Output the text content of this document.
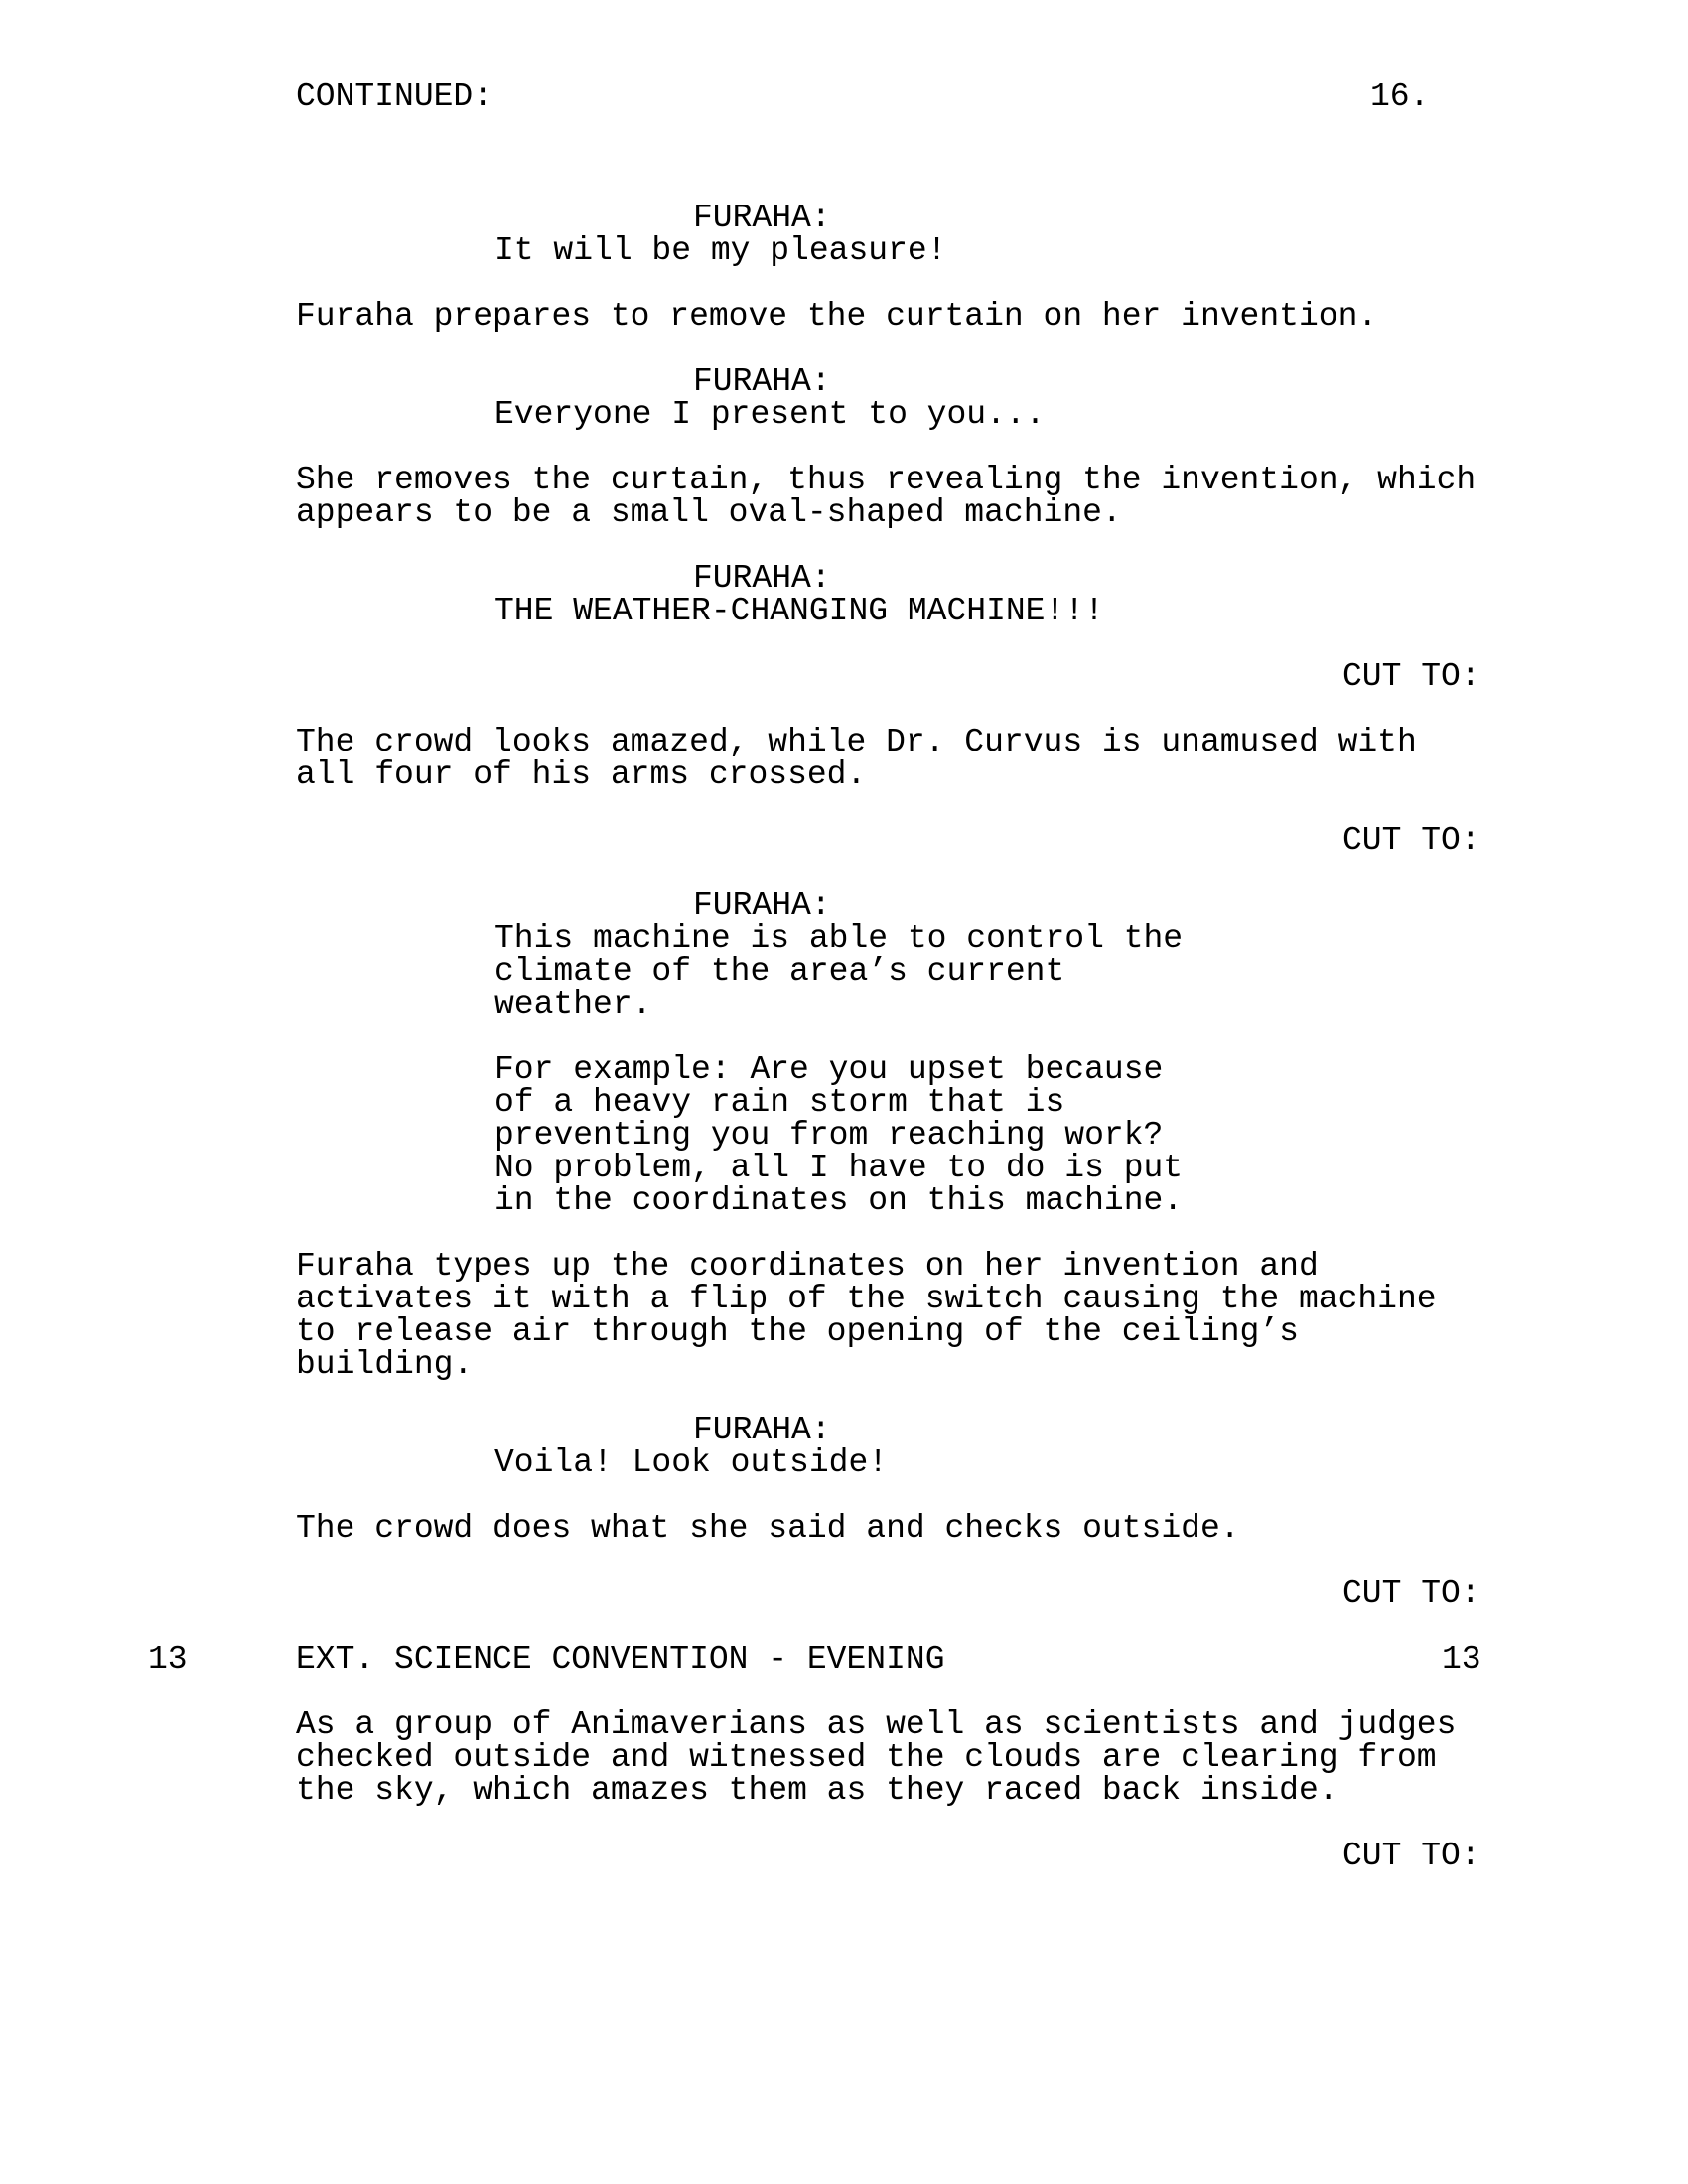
CONTINUED:	16.
FURAHA:
It will be my pleasure!
Furaha prepares to remove the curtain on her invention.
FURAHA:
Everyone I present to you...
She removes the curtain, thus revealing the invention, which
appears to be a small oval-shaped machine.
FURAHA:
THE WEATHER-CHANGING MACHINE!!!
CUT TO:
The crowd looks amazed, while Dr. Curvus is unamused with
all four of his arms crossed.
CUT TO:
FURAHA:
This machine is able to control the
climate of the area’s current
weather.
For example: Are you upset because
of a heavy rain storm that is
preventing you from reaching work?
No problem, all I have to do is put
in the coordinates on this machine.
Furaha types up the coordinates on her invention and
activates it with a flip of the switch causing the machine
to release air through the opening of the ceiling’s
building.
FURAHA:
Voila! Look outside!
The crowd does what she said and checks outside.
CUT TO:
13	EXT. SCIENCE CONVENTION - EVENING	13
As a group of Animaverians as well as scientists and judges
checked outside and witnessed the clouds are clearing from
the sky, which amazes them as they raced back inside.
CUT TO:
